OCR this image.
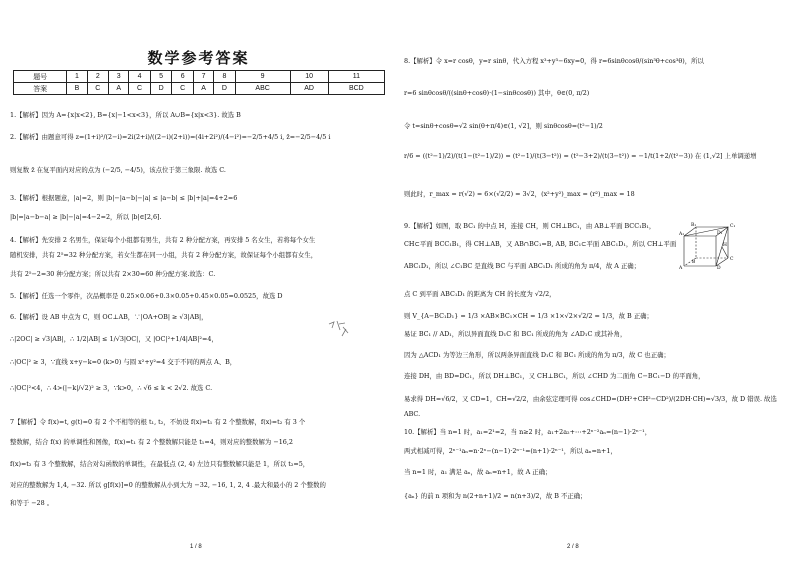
数学参考答案
题号	1	2	3	4	5	6	7	8	9	10	11
答案	B	C	A	C	D	C	A	D	ABC	AD	BCD
1.【解析】因为 A={x|x<2}, B={x|−1<x<3}，所以 A∪B={x|x<3}. 故选 B
2.【解析】由题意可得 z=(1+i)²/(2−i)=2i(2+i)/((2−i)(2+i))=(4i+2i²)/(4−i²)=−2/5+4/5 i, z̄=−2/5−4/5 i
则复数 z̄ 在复平面内对应的点为 (−2/5, −4/5)，该点位于第三象限. 故选 C.
3.【解析】根据题意，|a|=2，则 |b|−|a−b|−|a| ≤ |a−b| ≤ |b|+|a|=4+2=6
|b|=|a−b−a| ≥ |b|−|a|=4−2=2，所以 |b|∈[2,6].
4.【解析】先安排 2 名男生，保证每个小组都有男生，共有 2 种分配方案，再安排 5 名女生，若将每个女生
随机安排，共有 2⁵=32 种分配方案，若女生都在同一小组，共有 2 种分配方案，故保证每个小组都有女生，
共有 2⁵−2=30 种分配方案；所以共有 2×30=60 种分配方案.故选：C.
5.【解析】任选一个零件，次品概率是 0.25×0.06+0.3×0.05+0.45×0.05=0.0525，故选 D
6.【解析】设 AB 中点为 C，则 OC⊥AB，∵|OA+OB| ≥ √3|AB|，
∴|2OC| ≥ √3|AB|，∴ 1/2|AB| ≤ 1/√3|OC|，又 |OC|²+1/4|AB|²=4，
∴|OC|² ≥ 3，∵直线 x+y−k=0 (k>0) 与圆 x²+y²=4 交于不同的两点 A、B，
∴|OC|²<4，∴ 4>(|−k|/√2)² ≥ 3，∵k>0，∴ √6 ≤ k < 2√2. 故选 C.
7【解析】令 f(x)=t, g(t)=0 有 2 个不相等的根 t₁, t₂，不妨设 f(x)=t₁ 有 2 个整数解，f(x)=t₂ 有 3 个
整数解，结合 f(x) 的单调性和图像，f(x)=t₁ 有 2 个整数解只能是 t₁=4，则对应的整数解为 −16,2
f(x)=t₂ 有 3 个整数解，结合对勾函数的单调性，在最低点 (2, 4) 左边只有整数解只能是 1，所以 t₂=5，
对应的整数解为 1,4, −32. 所以 g[f(x)]=0 的整数解从小到大为 −32, −16, 1, 2, 4 .最大和最小的 2 个整数的
和等于 −28 。
1 / 8
8.【解析】令 x=r cosθ，y=r sinθ，代入方程 x³+y³−6xy=0，得 r=6sinθcosθ/(sin³θ+cos³θ)，所以
r=6 sinθcosθ/((sinθ+cosθ)·(1−sinθcosθ)) 其中，θ∈(0, π/2)
令 t=sinθ+cosθ=√2 sin(θ+π/4)∈(1, √2]，则 sinθcosθ=(t²−1)/2
r/6 = ((t²−1)/2)/(t(1−(t²−1)/2)) = (t²−1)/(t(3−t²)) = (t²−3+2)/(t(3−t²)) = −1/t(1+2/(t²−3)) 在 (1,√2] 上单调递增
则此时，r_max = r(√2) = 6×(√2/2) = 3√2，(x²+y²)_max = (r²)_max = 18
9.【解析】如图，取 BC₁ 的中点 H，连接 CH，则 CH⊥BC₁，由 AB⊥平面 BCC₁B₁，
CH⊂平面 BCC₁B₁，得 CH⊥AB，又 AB∩BC₁=B, AB, BC₁⊂平面 ABC₁D₁，所以 CH⊥平面
ABC₁D₁，所以 ∠C₁BC 是直线 BC 与平面 ABC₁D₁ 所成的角为 π/4，故 A 正确；
点 C 到平面 ABC₁D₁ 的距离为 CH 的长度为 √2/2，
则 V_{A−BC₁D₁} = 1/3 ×AB×BC₁×CH = 1/3 ×1×√2×√2/2 = 1/3，故 B 正确；
易证 BC₁ // AD₁，所以异面直线 D₁C 和 BC₁ 所成的角为 ∠AD₁C 或其补角，
因为 △ACD₁ 为等边三角形，所以两条异面直线 D₁C 和 BC₁ 所成的角为 π/3，故 C 也正确；
连接 DH，由 BD=DC₁，所以 DH⊥BC₁，又 CH⊥BC₁，所以 ∠CHD 为二面角 C−BC₁−D 的平面角，
易求得 DH=√6/2，又 CD=1，CH=√2/2，由余弦定理可得 cos∠CHD=(DH²+CH²−CD²)/(2DH·CH)=√3/3，故 D 错误. 故选
ABC.
10.【解析】当 n=1 时，a₁=2¹=2，当 n≥2 时，a₁+2a₂+⋯+2ⁿ⁻²aₙ=(n−1)·2ⁿ⁻¹，
两式相减可得，2ⁿ⁻¹aₙ=n·2ⁿ−(n−1)·2ⁿ⁻¹=(n+1)·2ⁿ⁻¹，所以 aₙ=n+1，
当 n=1 时，a₁ 满足 aₙ，故 aₙ=n+1，故 A 正确；
{aₙ} 的前 n 项和为 n(2+n+1)/2 = n(n+3)/2，故 B 不正确；
2 / 8
A₁
B₁	C₁
D₁
A
B
C
D
H
